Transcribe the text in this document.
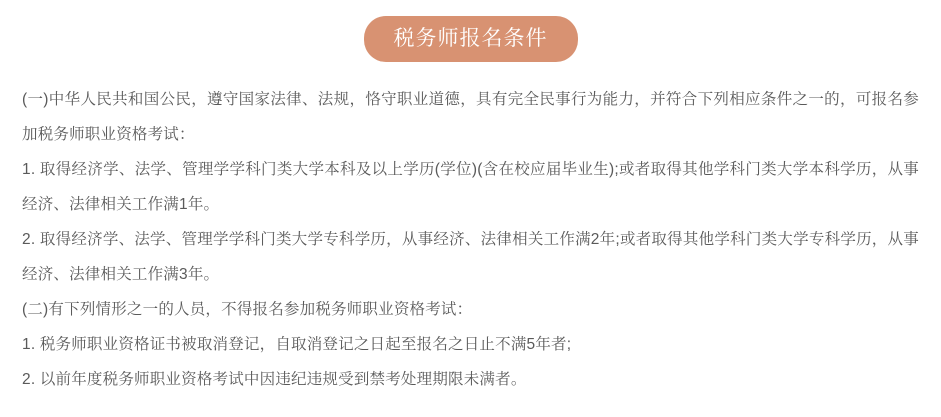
税务师报名条件

(一)中华人民共和国公民，遵守国家法律、法规，恪守职业道德，具有完全民事行为能力，并符合下列相应条件之一的，可报名参加税务师职业资格考试：

1. 取得经济学、法学、管理学学科门类大学本科及以上学历(学位)(含在校应届毕业生);或者取得其他学科门类大学本科学历，从事经济、法律相关工作满1年。

2. 取得经济学、法学、管理学学科门类大学专科学历，从事经济、法律相关工作满2年;或者取得其他学科门类大学专科学历，从事经济、法律相关工作满3年。

(二)有下列情形之一的人员，不得报名参加税务师职业资格考试：

1. 税务师职业资格证书被取消登记，自取消登记之日起至报名之日止不满5年者;

2. 以前年度税务师职业资格考试中因违纪违规受到禁考处理期限未满者。
